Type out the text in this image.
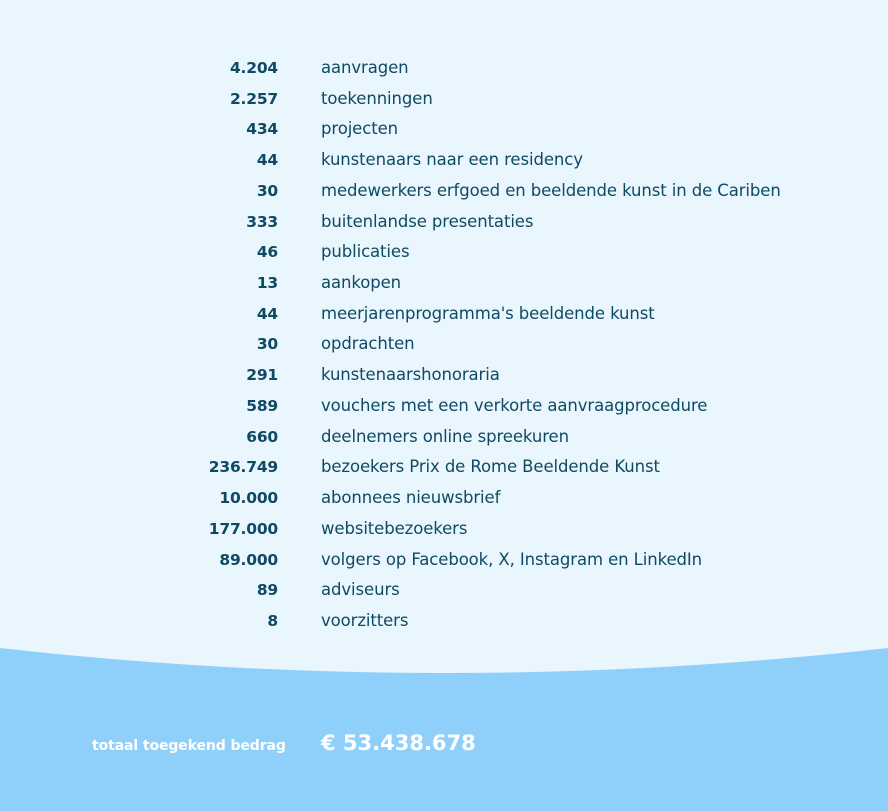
4.204	aanvragen
2.257	toekenningen
434	projecten
44	kunstenaars naar een residency
30	medewerkers erfgoed en beeldende kunst in de Cariben
333	buitenlandse presentaties
46	publicaties
13	aankopen
44	meerjarenprogramma's beeldende kunst
30	opdrachten
291	kunstenaarshonoraria
589	vouchers met een verkorte aanvraagprocedure
660	deelnemers online spreekuren
236.749	bezoekers Prix de Rome Beeldende Kunst
10.000	abonnees nieuwsbrief
177.000	websitebezoekers
89.000	volgers op Facebook, X, Instagram en LinkedIn
89	adviseurs
8	voorzitters
totaal toegekend bedrag € 53.438.678
